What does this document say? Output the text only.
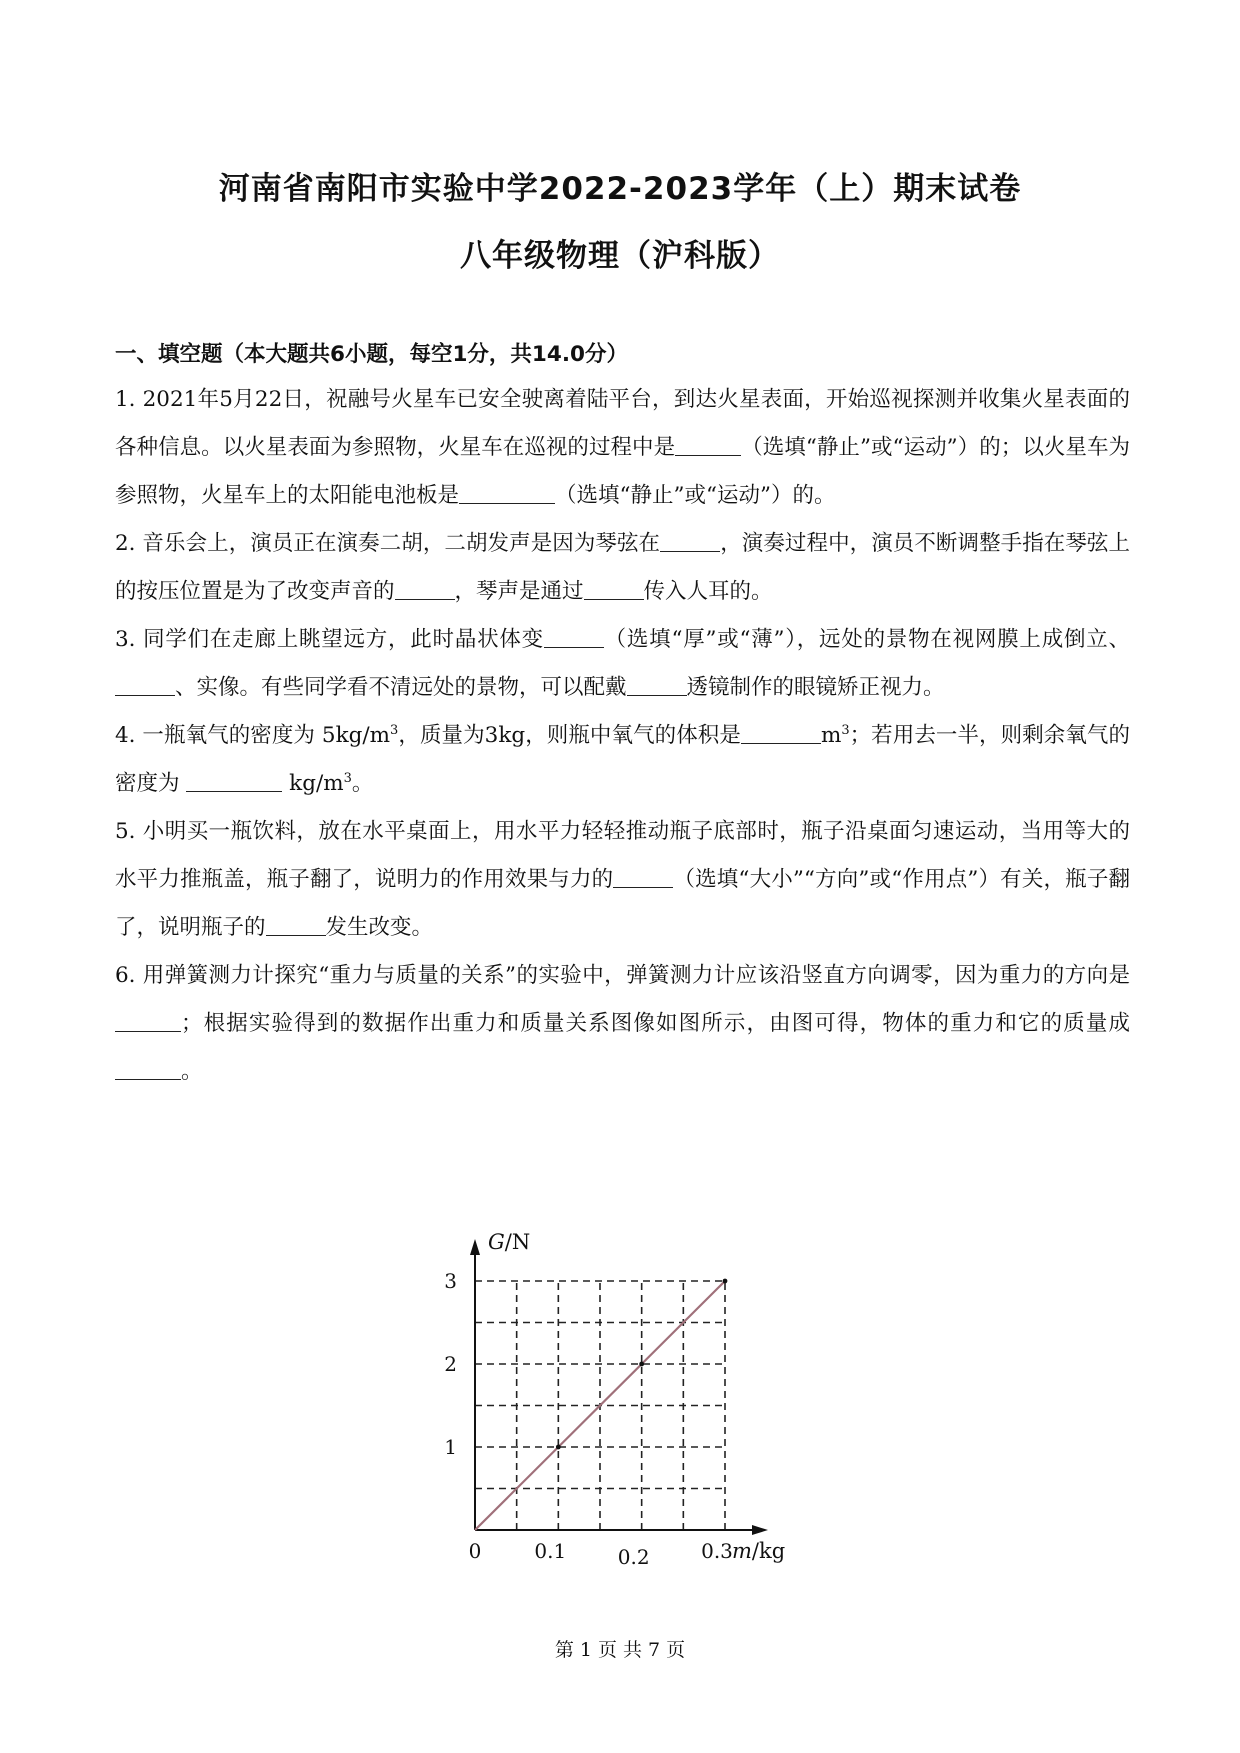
河南省南阳市实验中学2022-2023学年（上）期末试卷
八年级物理（沪科版）
一、填空题（本大题共6小题，每空1分，共14.0分）

1. 2021年5月22日，祝融号火星车已安全驶离着陆平台，到达火星表面，开始巡视探测并收集火星表面的各种信息。以火星表面为参照物，火星车在巡视的过程中是	（选填“静止”或“运动”）的；以火星车为参照物，火星车上的太阳能电池板是	（选填“静止”或“运动”）的。

2. 音乐会上，演员正在演奏二胡，二胡发声是因为琴弦在	，演奏过程中，演员不断调整手指在琴弦上的按压位置是为了改变声音的	，琴声是通过	传入人耳的。

3. 同学们在走廊上眺望远方，此时晶状体变	（选填“厚”或“薄”），远处的景物在视网膜上成倒立、、实像。有些同学看不清远处的景物，可以配戴	透镜制作的眼镜矫正视力。

4. 一瓶氧气的密度为 $5kg/m^3$，质量为3kg，则瓶中氧气的体积是	$m^3$；若用去一半，则剩余氧气的密度为	$kg/m^3$。

5. 小明买一瓶饮料，放在水平桌面上，用水平力轻轻推动瓶子底部时，瓶子沿桌面匀速运动，当用等大的水平力推瓶盖，瓶子翻了，说明力的作用效果与力的	（选填“大小”“方向”或“作用点”）有关，瓶子翻了，说明瓶子的	发生改变。

6. 用弹簧测力计探究“重力与质量的关系”的实验中，弹簧测力计应该沿竖直方向调零，因为重力的方向是；根据实验得到的数据作出重力和质量关系图像如图所示，由图可得，物体的重力和它的质量成。

1
2
3
0.1	0.2	0.3
0
G/N
m/kg
第 1 页 共 7 页
